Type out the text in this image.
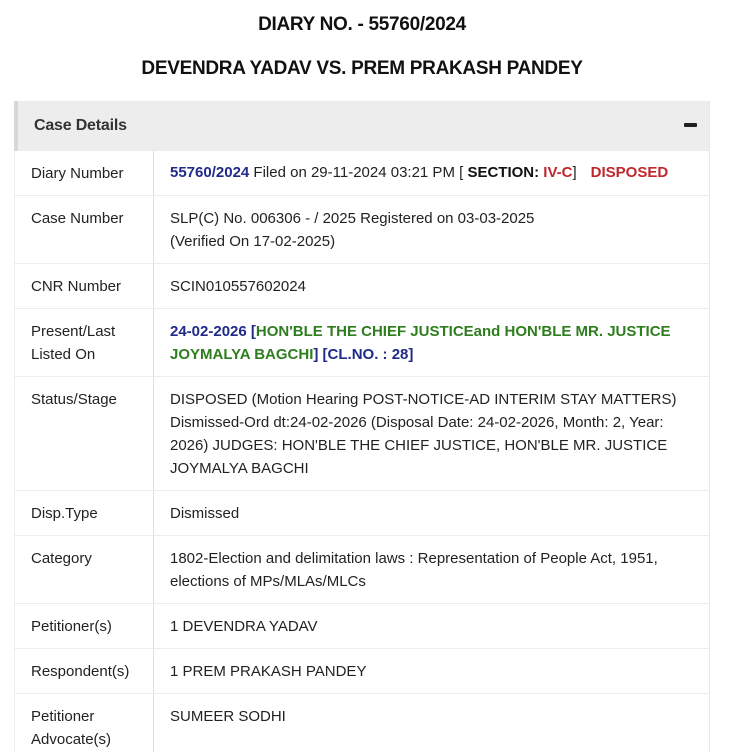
DIARY NO. - 55760/2024
DEVENDRA YADAV VS. PREM PRAKASH PANDEY
Case Details
Diary Number	55760/2024 Filed on 29-11-2024 03:21 PM [ SECTION: IV-C] DISPOSED
Case Number	SLP(C) No. 006306 - / 2025 Registered on 03-03-2025
(Verified On 17-02-2025)

CNR Number	SCIN010557602024
Present/Last Listed On	24-02-2026 [HON'BLE THE CHIEF JUSTICEand HON'BLE MR. JUSTICE JOYMALYA BAGCHI] [CL.NO. : 28]
Status/Stage	DISPOSED (Motion Hearing POST-NOTICE-AD INTERIM STAY MATTERS) Dismissed-Ord dt:24-02-2026 (Disposal Date: 24-02-2026, Month: 2, Year: 2026) JUDGES: HON'BLE THE CHIEF JUSTICE, HON'BLE MR. JUSTICE JOYMALYA BAGCHI
Disp.Type	Dismissed
Category	1802-Election and delimitation laws : Representation of People Act, 1951, elections of MPs/MLAs/MLCs
Petitioner(s)	1 DEVENDRA YADAV
Respondent(s)	1 PREM PRAKASH PANDEY
Petitioner Advocate(s)	SUMEER SODHI
